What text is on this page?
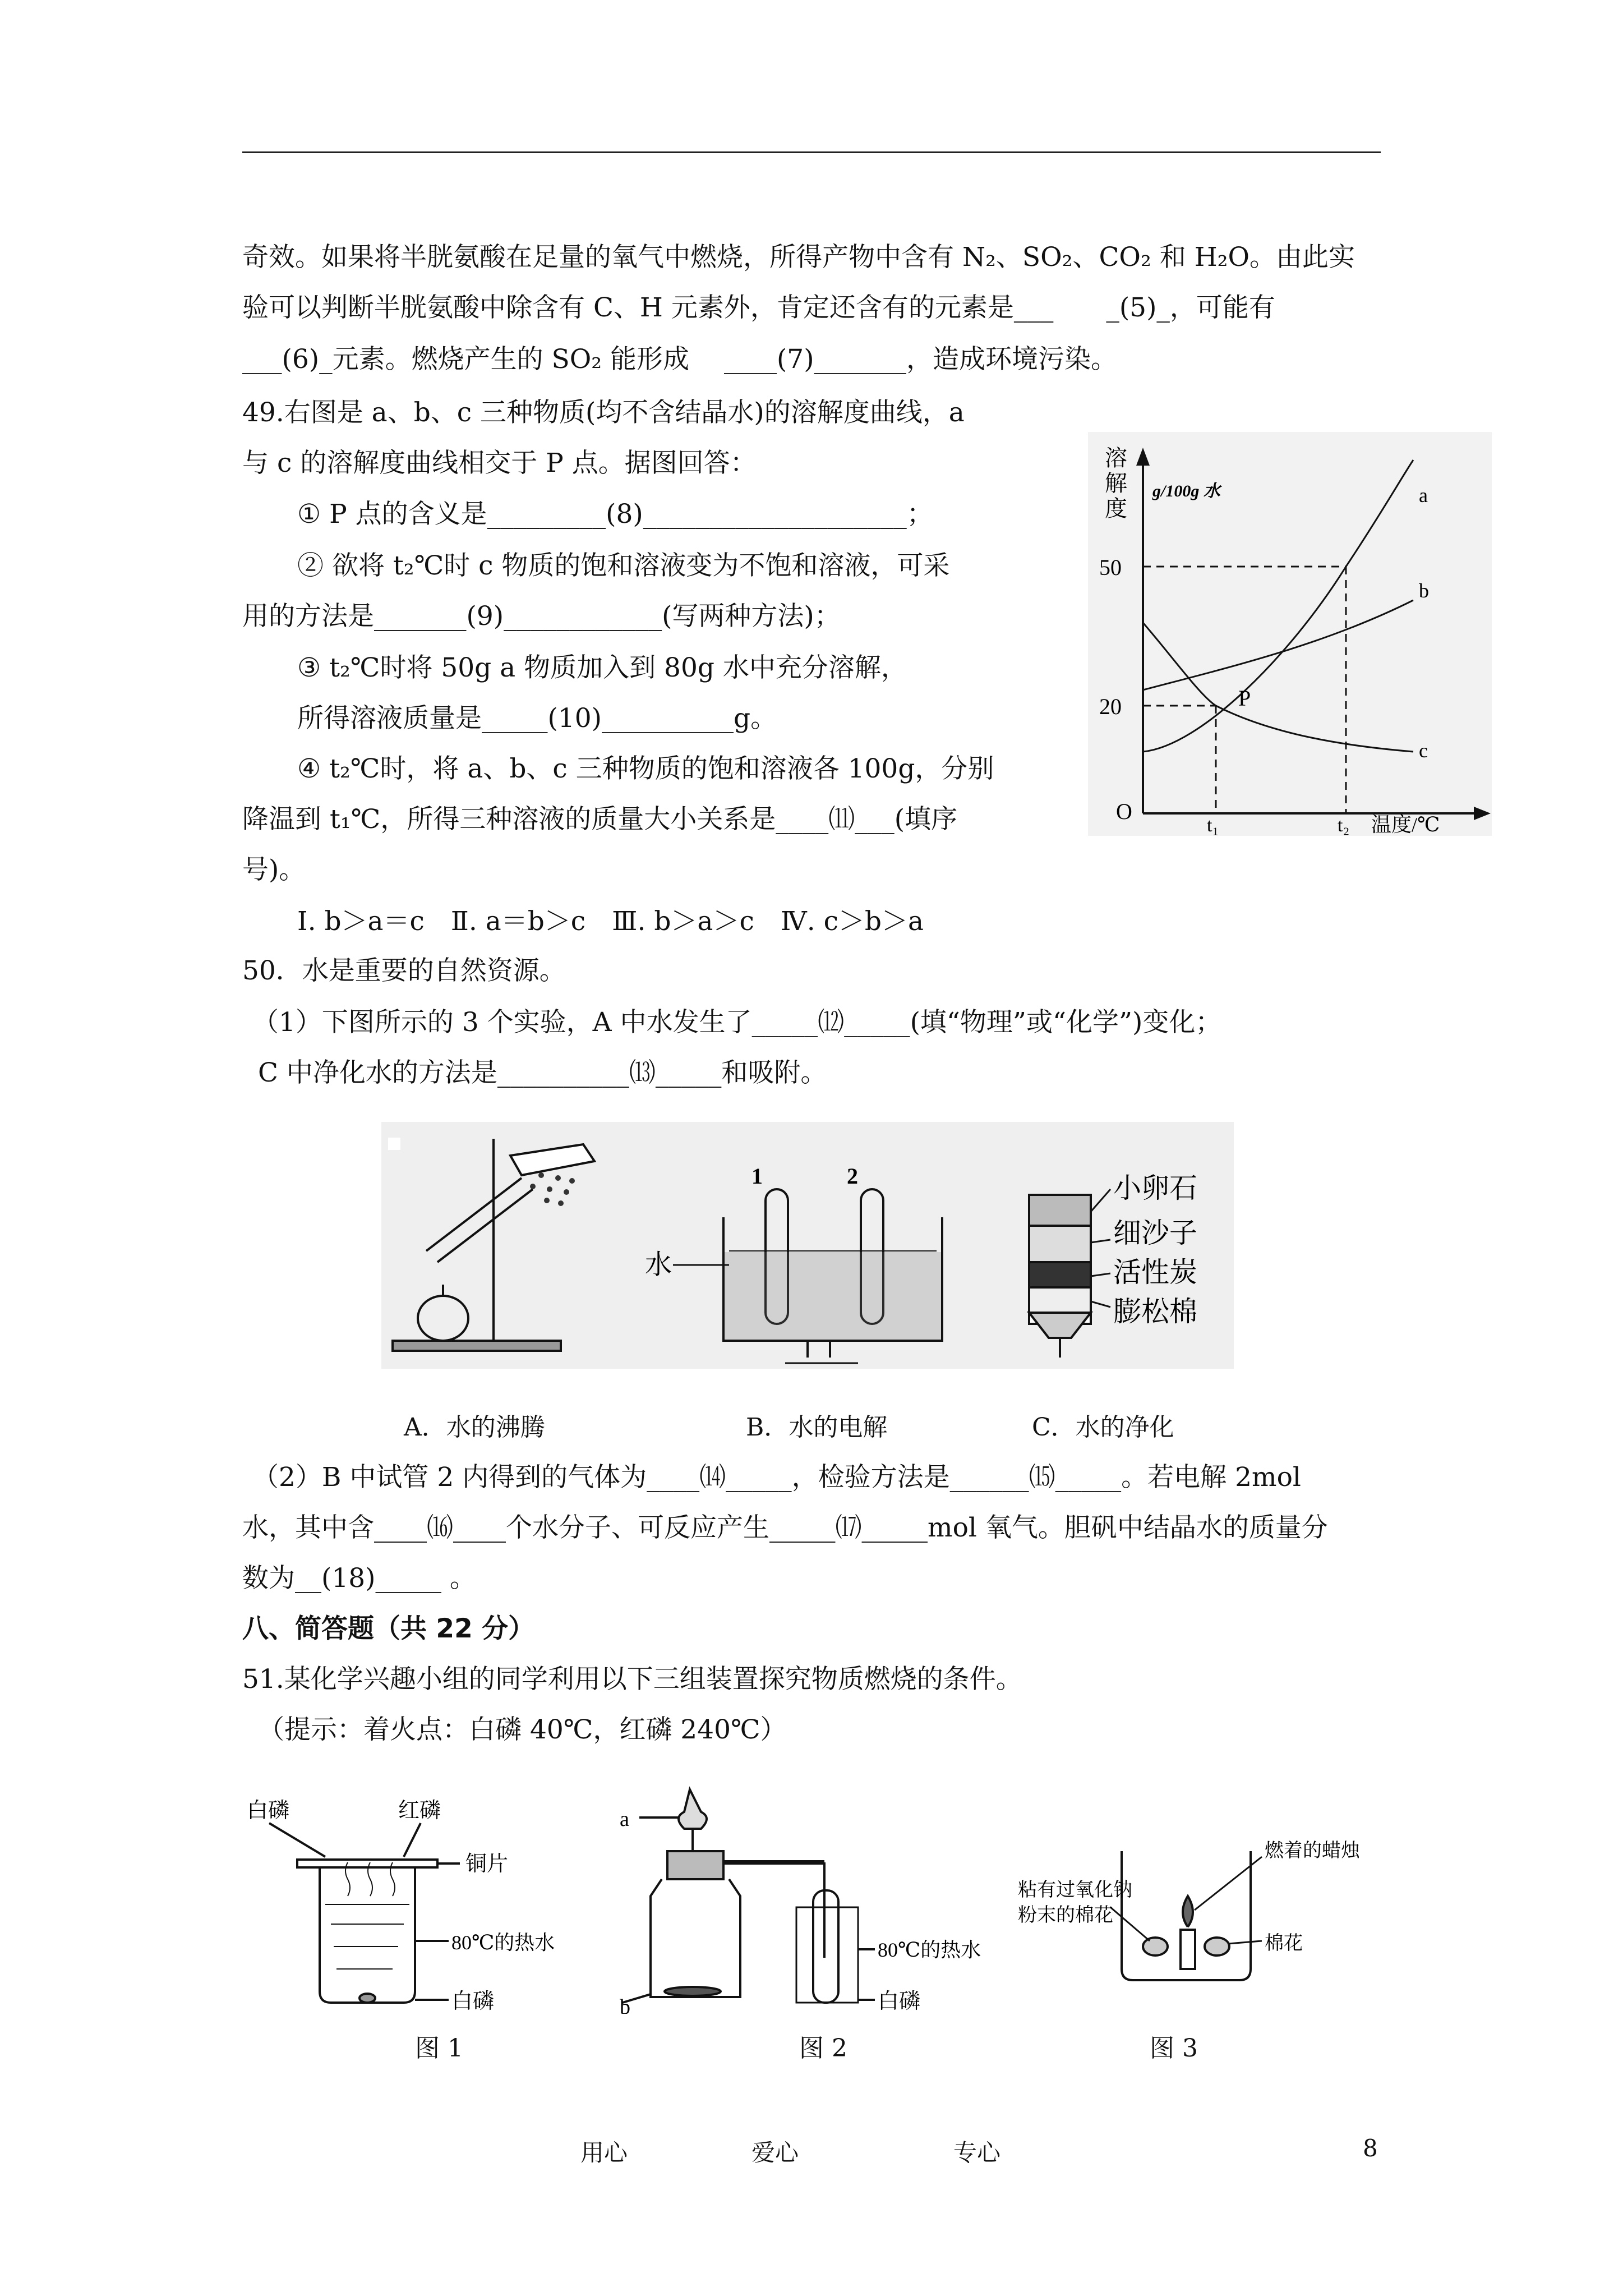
奇效。如果将半胱氨酸在足量的氧气中燃烧，所得产物中含有 N₂、SO₂、CO₂ 和 H₂O。由此实
验可以判断半胱氨酸中除含有 C、H 元素外，肯定还含有的元素是___　　_(5)_，可能有
___(6)_元素。燃烧产生的 SO₂ 能形成　 ____(7)_______，造成环境污染。
49.右图是 a、b、c 三种物质(均不含结晶水)的溶解度曲线，a
与 c 的溶解度曲线相交于 P 点。据图回答：
① P 点的含义是_________(8)____________________；
② 欲将 t₂℃时 c 物质的饱和溶液变为不饱和溶液，可采
用的方法是_______(9)____________(写两种方法)；
③ t₂℃时将 50g a 物质加入到 80g 水中充分溶解，
所得溶液质量是_____(10)__________g。
④ t₂℃时，将 a、b、c 三种物质的饱和溶液各 100g，分别
降温到 t₁℃，所得三种溶液的质量大小关系是____⑾___(填序
号)。
Ⅰ. b＞a＝c　Ⅱ. a＝b＞c　Ⅲ. b＞a＞c　Ⅳ. c＞b＞a
溶
解
度
g/100g 水
50
20
O
t₁	t₂ 温度/℃
a
b
c
P
50．水是重要的自然资源。
（1）下图所示的 3 个实验，A 中水发生了_____⑿_____(填“物理”或“化学”)变化；
C 中净化水的方法是__________⒀_____和吸附。
1	2
水
小卵石
细沙子
活性炭
膨松棉
A．水的沸腾	B．水的电解	C．水的净化
（2）B 中试管 2 内得到的气体为____⒁_____，检验方法是______⒂_____。若电解 2mol
水，其中含____⒃____个水分子、可反应产生_____⒄_____mol 氧气。胆矾中结晶水的质量分
数为__(18)_____ 。
八、简答题（共 22 分）
51.某化学兴趣小组的同学利用以下三组装置探究物质燃烧的条件。
（提示：着火点：白磷 40℃，红磷 240℃）
白磷	红磷
铜片
80℃的热水
白磷
a
b
80℃的热水
白磷
粘有过氧化钠
粉末的棉花
燃着的蜡烛
棉花
图 1	图 2	图 3
用心	爱心	专心	8
